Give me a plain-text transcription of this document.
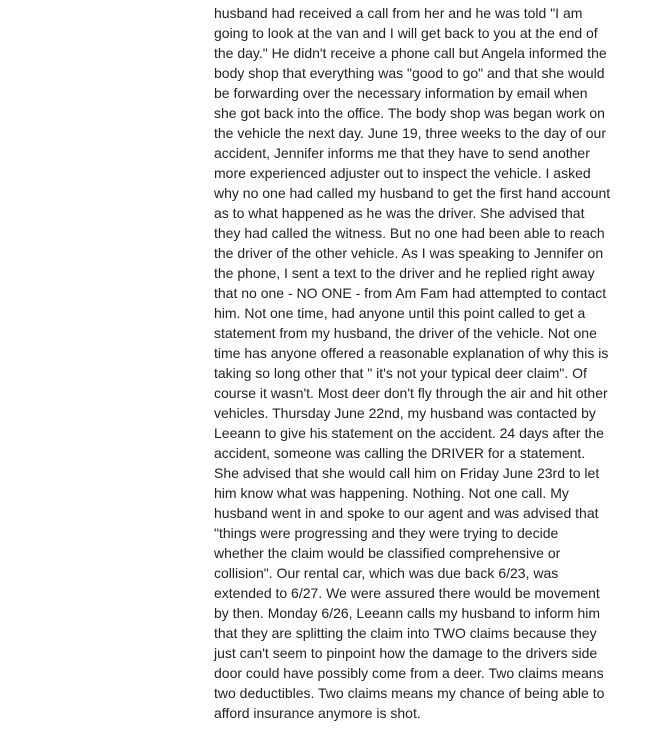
husband had received a call from her and he was told "I am
going to look at the van and I will get back to you at the end of
the day." He didn't receive a phone call but Angela informed the
body shop that everything was "good to go" and that she would
be forwarding over the necessary information by email when
she got back into the office. The body shop was began work on
the vehicle the next day. June 19, three weeks to the day of our
accident, Jennifer informs me that they have to send another
more experienced adjuster out to inspect the vehicle. I asked
why no one had called my husband to get the first hand account
as to what happened as he was the driver. She advised that
they had called the witness. But no one had been able to reach
the driver of the other vehicle. As I was speaking to Jennifer on
the phone, I sent a text to the driver and he replied right away
that no one - NO ONE - from Am Fam had attempted to contact
him. Not one time, had anyone until this point called to get a
statement from my husband, the driver of the vehicle. Not one
time has anyone offered a reasonable explanation of why this is
taking so long other that " it's not your typical deer claim". Of
course it wasn't. Most deer don't fly through the air and hit other
vehicles. Thursday June 22nd, my husband was contacted by
Leeann to give his statement on the accident. 24 days after the
accident, someone was calling the DRIVER for a statement.
She advised that she would call him on Friday June 23rd to let
him know what was happening. Nothing. Not one call. My
husband went in and spoke to our agent and was advised that
"things were progressing and they were trying to decide
whether the claim would be classified comprehensive or
collision". Our rental car, which was due back 6/23, was
extended to 6/27. We were assured there would be movement
by then. Monday 6/26, Leeann calls my husband to inform him
that they are splitting the claim into TWO claims because they
just can't seem to pinpoint how the damage to the drivers side
door could have possibly come from a deer. Two claims means
two deductibles. Two claims means my chance of being able to
afford insurance anymore is shot.
